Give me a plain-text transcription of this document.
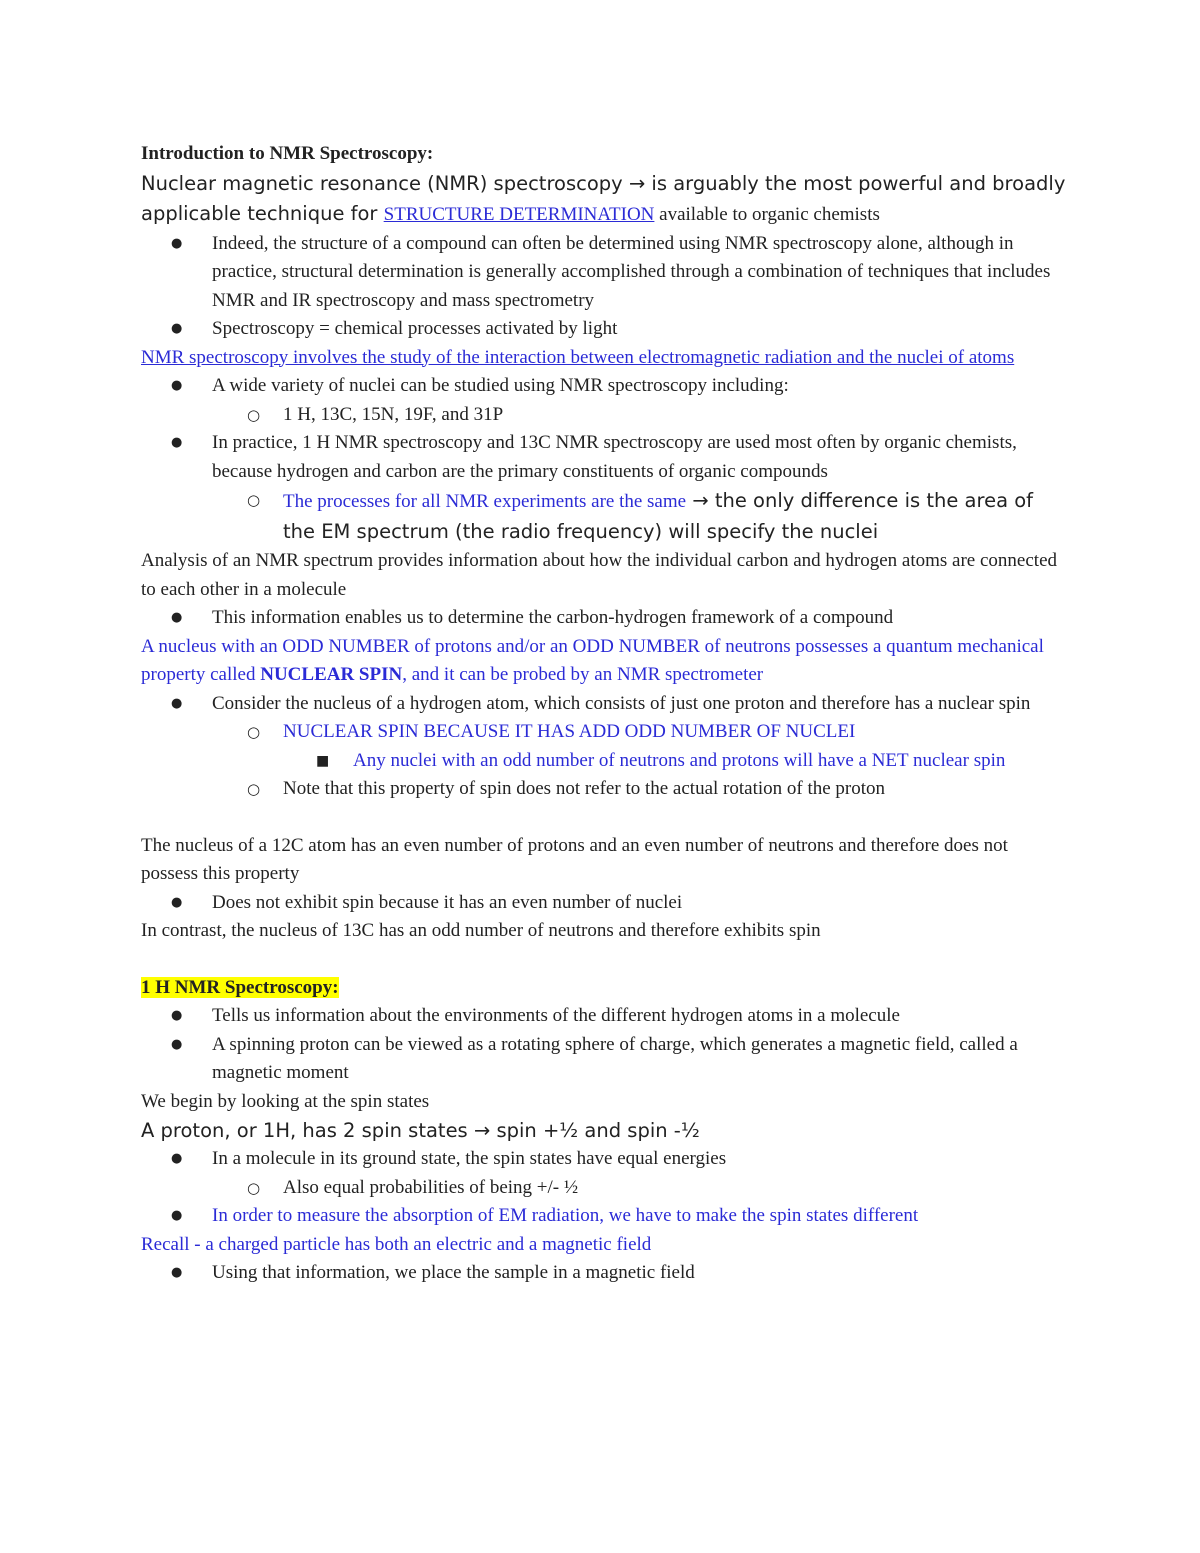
Introduction to NMR Spectroscopy:

Nuclear magnetic resonance (NMR) spectroscopy → is arguably the most powerful and broadly applicable technique for STRUCTURE DETERMINATION available to organic chemists

● Indeed, the structure of a compound can often be determined using NMR spectroscopy alone, although in practice, structural determination is generally accomplished through a combination of techniques that includes NMR and IR spectroscopy and mass spectrometry
● Spectroscopy = chemical processes activated by light

NMR spectroscopy involves the study of the interaction between electromagnetic radiation and the nuclei of atoms

● A wide variety of nuclei can be studied using NMR spectroscopy including:
○ 1 H, 13C, 15N, 19F, and 31P
● In practice, 1 H NMR spectroscopy and 13C NMR spectroscopy are used most often by organic chemists, because hydrogen and carbon are the primary constituents of organic compounds
○ The processes for all NMR experiments are the same → the only difference is the area of the EM spectrum (the radio frequency) will specify the nuclei

Analysis of an NMR spectrum provides information about how the individual carbon and hydrogen atoms are connected to each other in a molecule

● This information enables us to determine the carbon-hydrogen framework of a compound

A nucleus with an ODD NUMBER of protons and/or an ODD NUMBER of neutrons possesses a quantum mechanical property called NUCLEAR SPIN, and it can be probed by an NMR spectrometer

● Consider the nucleus of a hydrogen atom, which consists of just one proton and therefore has a nuclear spin
○ NUCLEAR SPIN BECAUSE IT HAS ADD ODD NUMBER OF NUCLEI
■ Any nuclei with an odd number of neutrons and protons will have a NET nuclear spin
○ Note that this property of spin does not refer to the actual rotation of the proton

The nucleus of a 12C atom has an even number of protons and an even number of neutrons and therefore does not possess this property

● Does not exhibit spin because it has an even number of nuclei

In contrast, the nucleus of 13C has an odd number of neutrons and therefore exhibits spin

1 H NMR Spectroscopy:

● Tells us information about the environments of the different hydrogen atoms in a molecule
● A spinning proton can be viewed as a rotating sphere of charge, which generates a magnetic field, called a magnetic moment

We begin by looking at the spin states

A proton, or 1H, has 2 spin states → spin +½ and spin -½

● In a molecule in its ground state, the spin states have equal energies
○ Also equal probabilities of being +/- ½
● In order to measure the absorption of EM radiation, we have to make the spin states different

Recall - a charged particle has both an electric and a magnetic field

● Using that information, we place the sample in a magnetic field
